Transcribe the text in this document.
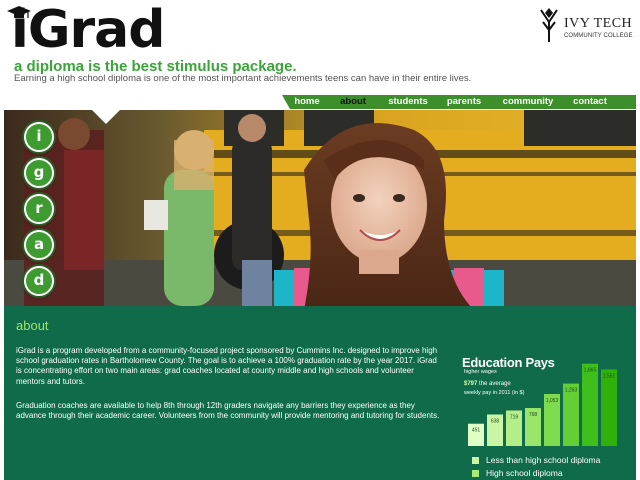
iGrad	IVY TECH
COMMUNITY COLLEGE
a diploma is the best stimulus package.
Earning a high school diploma is one of the most important achievements teens can have in their entire lives.
home	about	students	parents	community	contact
i
g
r
a
d
about

iGrad is a program developed from a community-focused project sponsored by Cummins Inc. designed to improve high school graduation rates in Bartholomew County. The goal is to achieve a 100% graduation rate by the year 2017. iGrad is concentrating effort on two main areas: grad coaches located at county middle and high schools and volunteer mentors and tutors.

Graduation coaches are available to help 8th through 12th graders navigate any barriers they experience as they advance through their academic career. Volunteers from the community will provide mentoring and tutoring for students.

451
638
719 768
1,053
1,263
1,665
1,551
Education Pays
higher wages
$797 the average
weekly pay in 2011 (in $)
Less than high school diploma
High school diploma
